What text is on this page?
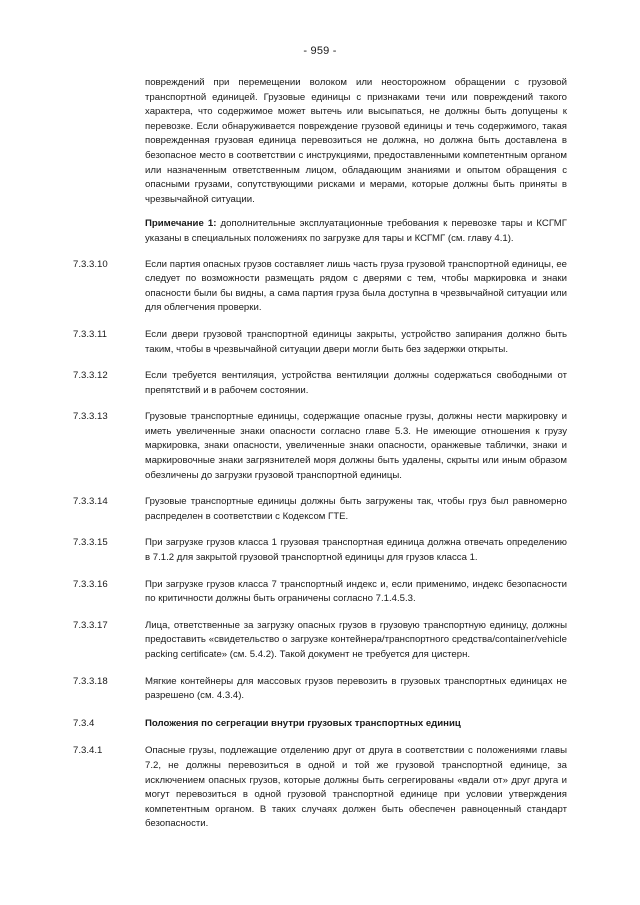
- 959 -

повреждений при перемещении волоком или неосторожном обращении с грузовой транспортной единицей. Грузовые единицы с признаками течи или повреждений такого характера, что содержимое может вытечь или высыпаться, не должны быть допущены к перевозке. Если обнаруживается повреждение грузовой единицы и течь содержимого, такая поврежденная грузовая единица перевозиться не должна, но должна быть доставлена в безопасное место в соответствии с инструкциями, предоставленными компетентным органом или назначенным ответственным лицом, обладающим знаниями и опытом обращения с опасными грузами, сопутствующими рисками и мерами, которые должны быть приняты в чрезвычайной ситуации.

Примечание 1: дополнительные эксплуатационные требования к перевозке тары и КСГМГ указаны в специальных положениях по загрузке для тары и КСГМГ (см. главу 4.1).

7.3.3.10	Если партия опасных грузов составляет лишь часть груза грузовой транспортной единицы, ее следует по возможности размещать рядом с дверями с тем, чтобы маркировка и знаки опасности были бы видны, а сама партия груза была доступна в чрезвычайной ситуации или для облегчения проверки.
7.3.3.11	Если двери грузовой транспортной единицы закрыты, устройство запирания должно быть таким, чтобы в чрезвычайной ситуации двери могли быть без задержки открыты.
7.3.3.12	Если требуется вентиляция, устройства вентиляции должны содержаться свободными от препятствий и в рабочем состоянии.
7.3.3.13	Грузовые транспортные единицы, содержащие опасные грузы, должны нести маркировку и иметь увеличенные знаки опасности согласно главе 5.3. Не имеющие отношения к грузу маркировка, знаки опасности, увеличенные знаки опасности, оранжевые таблички, знаки и маркировочные знаки загрязнителей моря должны быть удалены, скрыты или иным образом обезличены до загрузки грузовой транспортной единицы.
7.3.3.14	Грузовые транспортные единицы должны быть загружены так, чтобы груз был равномерно распределен в соответствии с Кодексом ГТЕ.
7.3.3.15	При загрузке грузов класса 1 грузовая транспортная единица должна отвечать определению в 7.1.2 для закрытой грузовой транспортной единицы для грузов класса 1.
7.3.3.16	При загрузке грузов класса 7 транспортный индекс и, если применимо, индекс безопасности по критичности должны быть ограничены согласно 7.1.4.5.3.
7.3.3.17	Лица, ответственные за загрузку опасных грузов в грузовую транспортную единицу, должны предоставить «свидетельство о загрузке контейнера/транспортного средства/container/vehicle packing certificate» (см. 5.4.2). Такой документ не требуется для цистерн.
7.3.3.18	Мягкие контейнеры для массовых грузов перевозить в грузовых транспортных единицах не разрешено (см. 4.3.4).
7.3.4	Положения по сегрегации внутри грузовых транспортных единиц
7.3.4.1	Опасные грузы, подлежащие отделению друг от друга в соответствии с положениями главы 7.2, не должны перевозиться в одной и той же грузовой транспортной единице, за исключением опасных грузов, которые должны быть сегрегированы «вдали от» друг друга и могут перевозиться в одной грузовой транспортной единице при условии утверждения компетентным органом. В таких случаях должен быть обеспечен равноценный стандарт безопасности.
